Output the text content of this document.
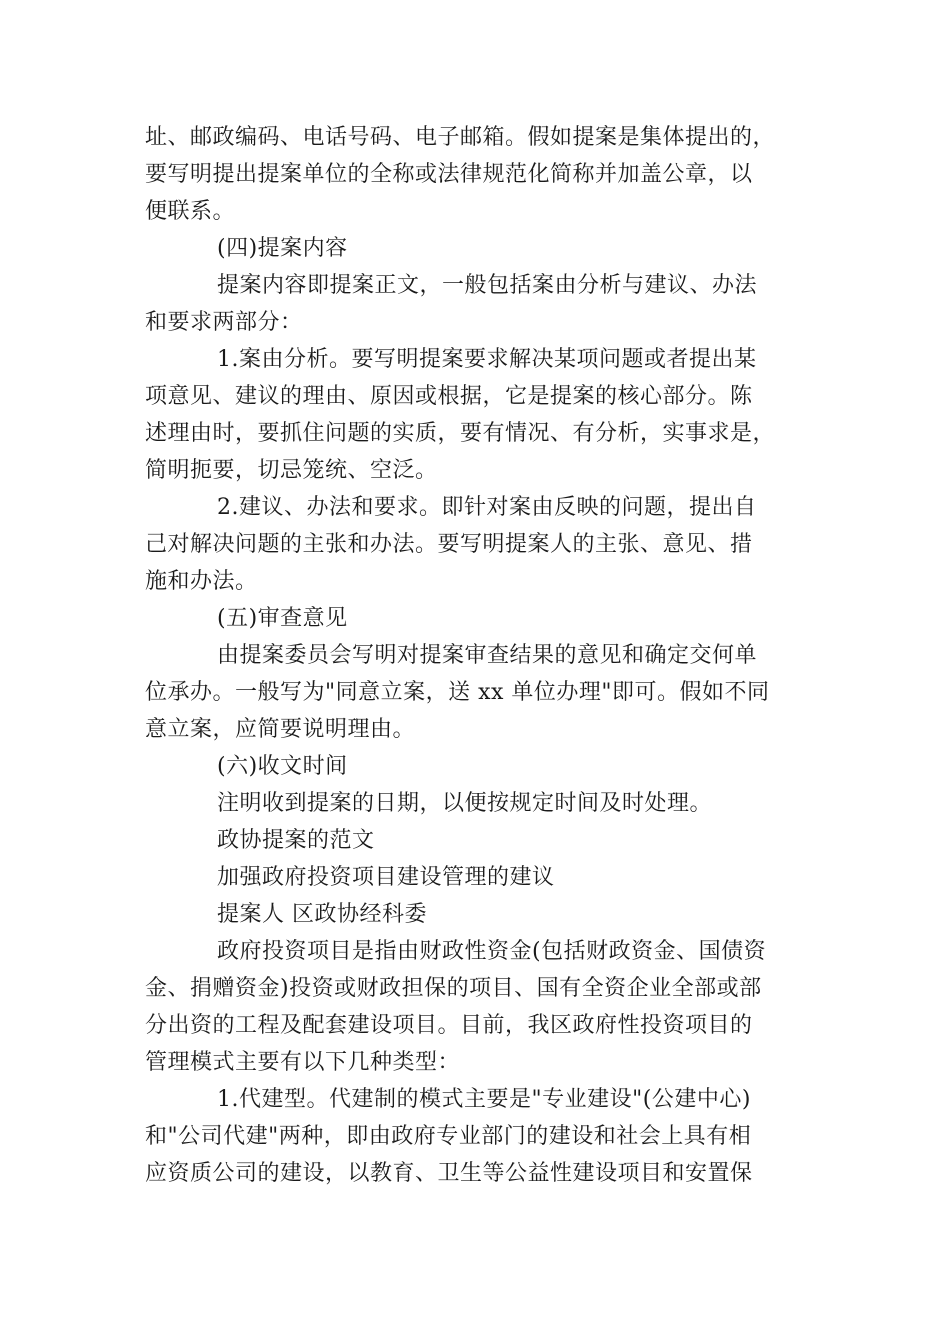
址、邮政编码、电话号码、电子邮箱。假如提案是集体提出的，
要写明提出提案单位的全称或法律规范化简称并加盖公章，以
便联系。
(四)提案内容
提案内容即提案正文，一般包括案由分析与建议、办法
和要求两部分：
1.案由分析。要写明提案要求解决某项问题或者提出某
项意见、建议的理由、原因或根据，它是提案的核心部分。陈
述理由时，要抓住问题的实质，要有情况、有分析，实事求是，
简明扼要，切忌笼统、空泛。
2.建议、办法和要求。即针对案由反映的问题，提出自
己对解决问题的主张和办法。要写明提案人的主张、意见、措
施和办法。
(五)审查意见
由提案委员会写明对提案审查结果的意见和确定交何单
位承办。一般写为"同意立案，送 xx 单位办理"即可。假如不同
意立案，应简要说明理由。
(六)收文时间
注明收到提案的日期，以便按规定时间及时处理。
政协提案的范文
加强政府投资项目建设管理的建议
提案人 区政协经科委
政府投资项目是指由财政性资金(包括财政资金、国债资
金、捐赠资金)投资或财政担保的项目、国有全资企业全部或部
分出资的工程及配套建设项目。目前，我区政府性投资项目的
管理模式主要有以下几种类型：
1.代建型。代建制的模式主要是"专业建设"(公建中心)
和"公司代建"两种，即由政府专业部门的建设和社会上具有相
应资质公司的建设，以教育、卫生等公益性建设项目和安置保
